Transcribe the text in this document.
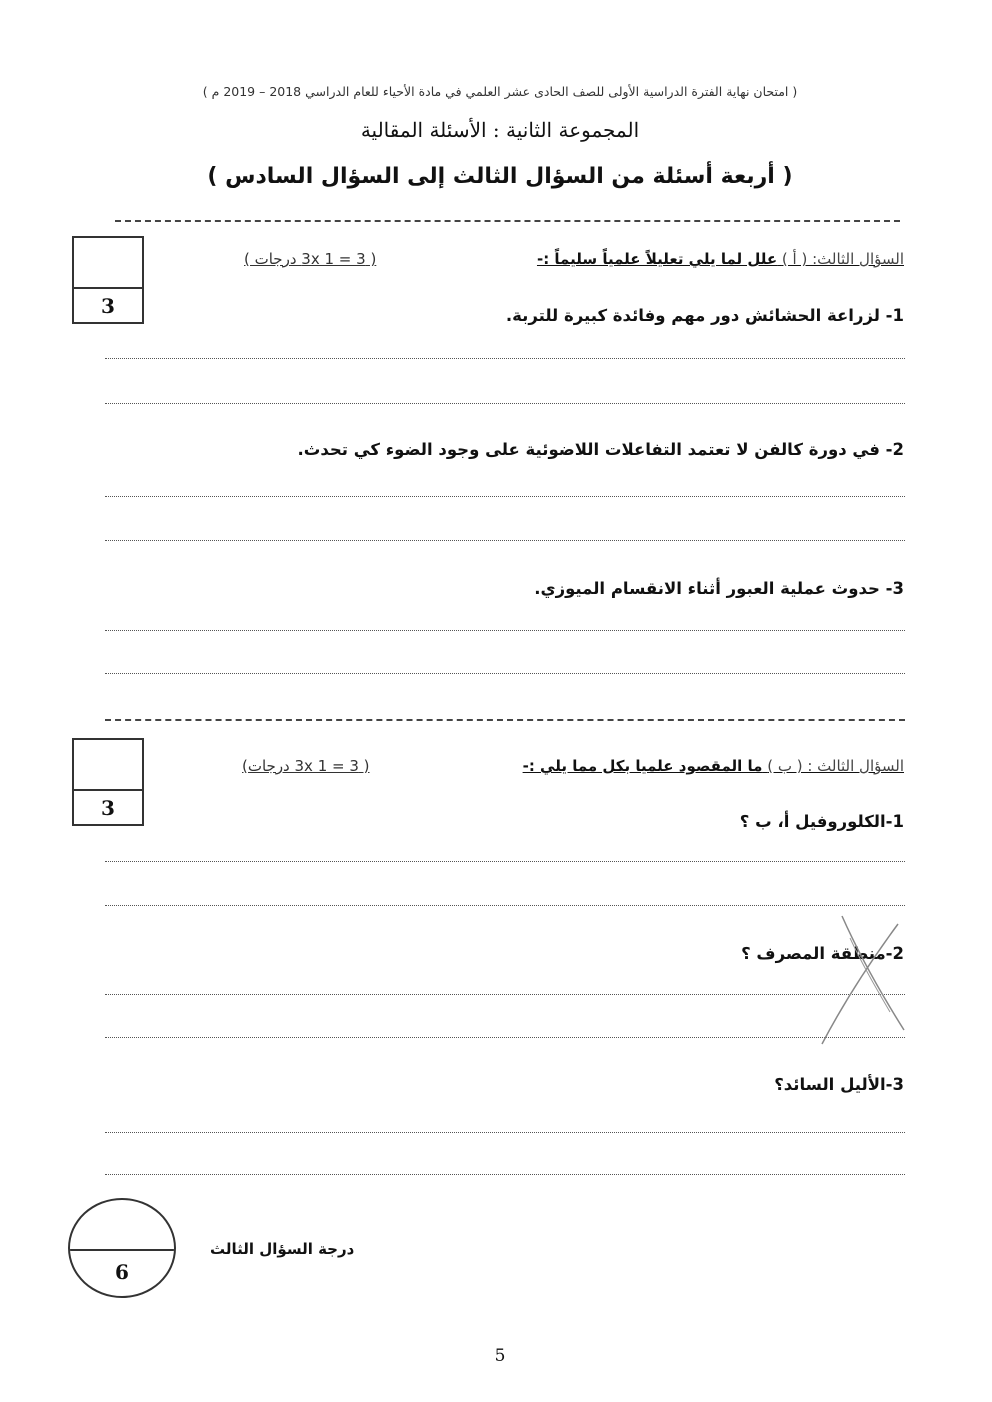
( امتحان نهاية الفترة الدراسية الأولى للصف الحادى عشر العلمي في مادة الأحياء للعام الدراسي 2018 – 2019 م )
المجموعة الثانية : الأسئلة المقالية
( أربعة أسئلة من السؤال الثالث إلى السؤال السادس )
3
السؤال الثالث: ( أ ) علل لما يلي تعليلاً علمياً سليماً :-
( 3x 1 = 3 درجات )
1- لزراعة الحشائش دور مهم وفائدة كبيرة للتربة.
2- في دورة كالفن لا تعتمد التفاعلات اللاضوئية على وجود الضوء كي تحدث.
3- حدوث عملية العبور أثناء الانقسام الميوزي.
3
السؤال الثالث : ( ب ) ما المقصود علميا بكل مما يلي :-
( 3x 1 = 3 درجات)
1-الكلوروفيل أ، ب ؟
2-منطقة المصرف ؟
3-الأليل السائد؟
6
درجة السؤال الثالث
5
